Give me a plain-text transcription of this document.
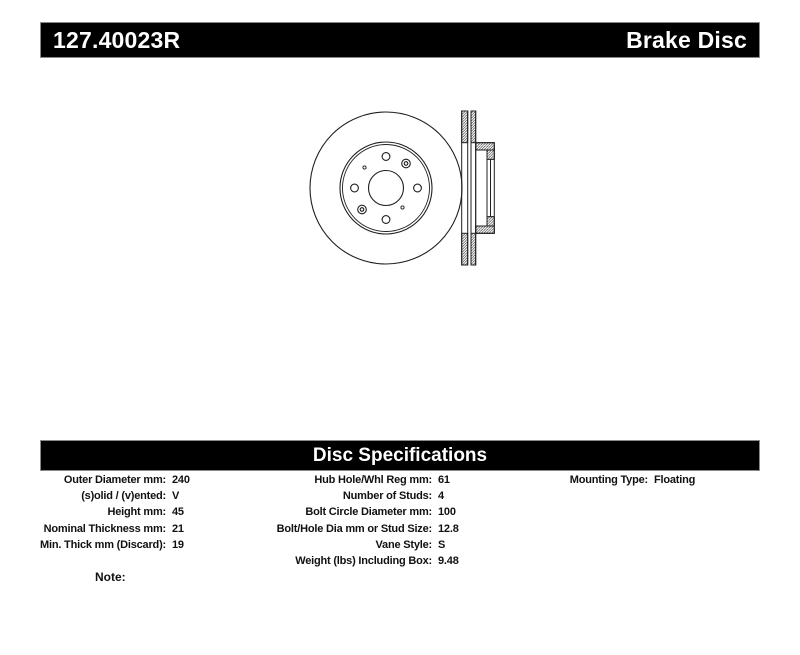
127.40023R	Brake Disc
Disc Specifications
Outer Diameter mm: 240
(s)olid / (v)ented: V
Height mm: 45
Nominal Thickness mm: 21
Min. Thick mm (Discard): 19
Hub Hole/Whl Reg mm: 61
Number of Studs: 4
Bolt Circle Diameter mm: 100
Bolt/Hole Dia mm or Stud Size: 12.8
Vane Style: S
Weight (lbs) Including Box: 9.48
Mounting Type: Floating
Note:
